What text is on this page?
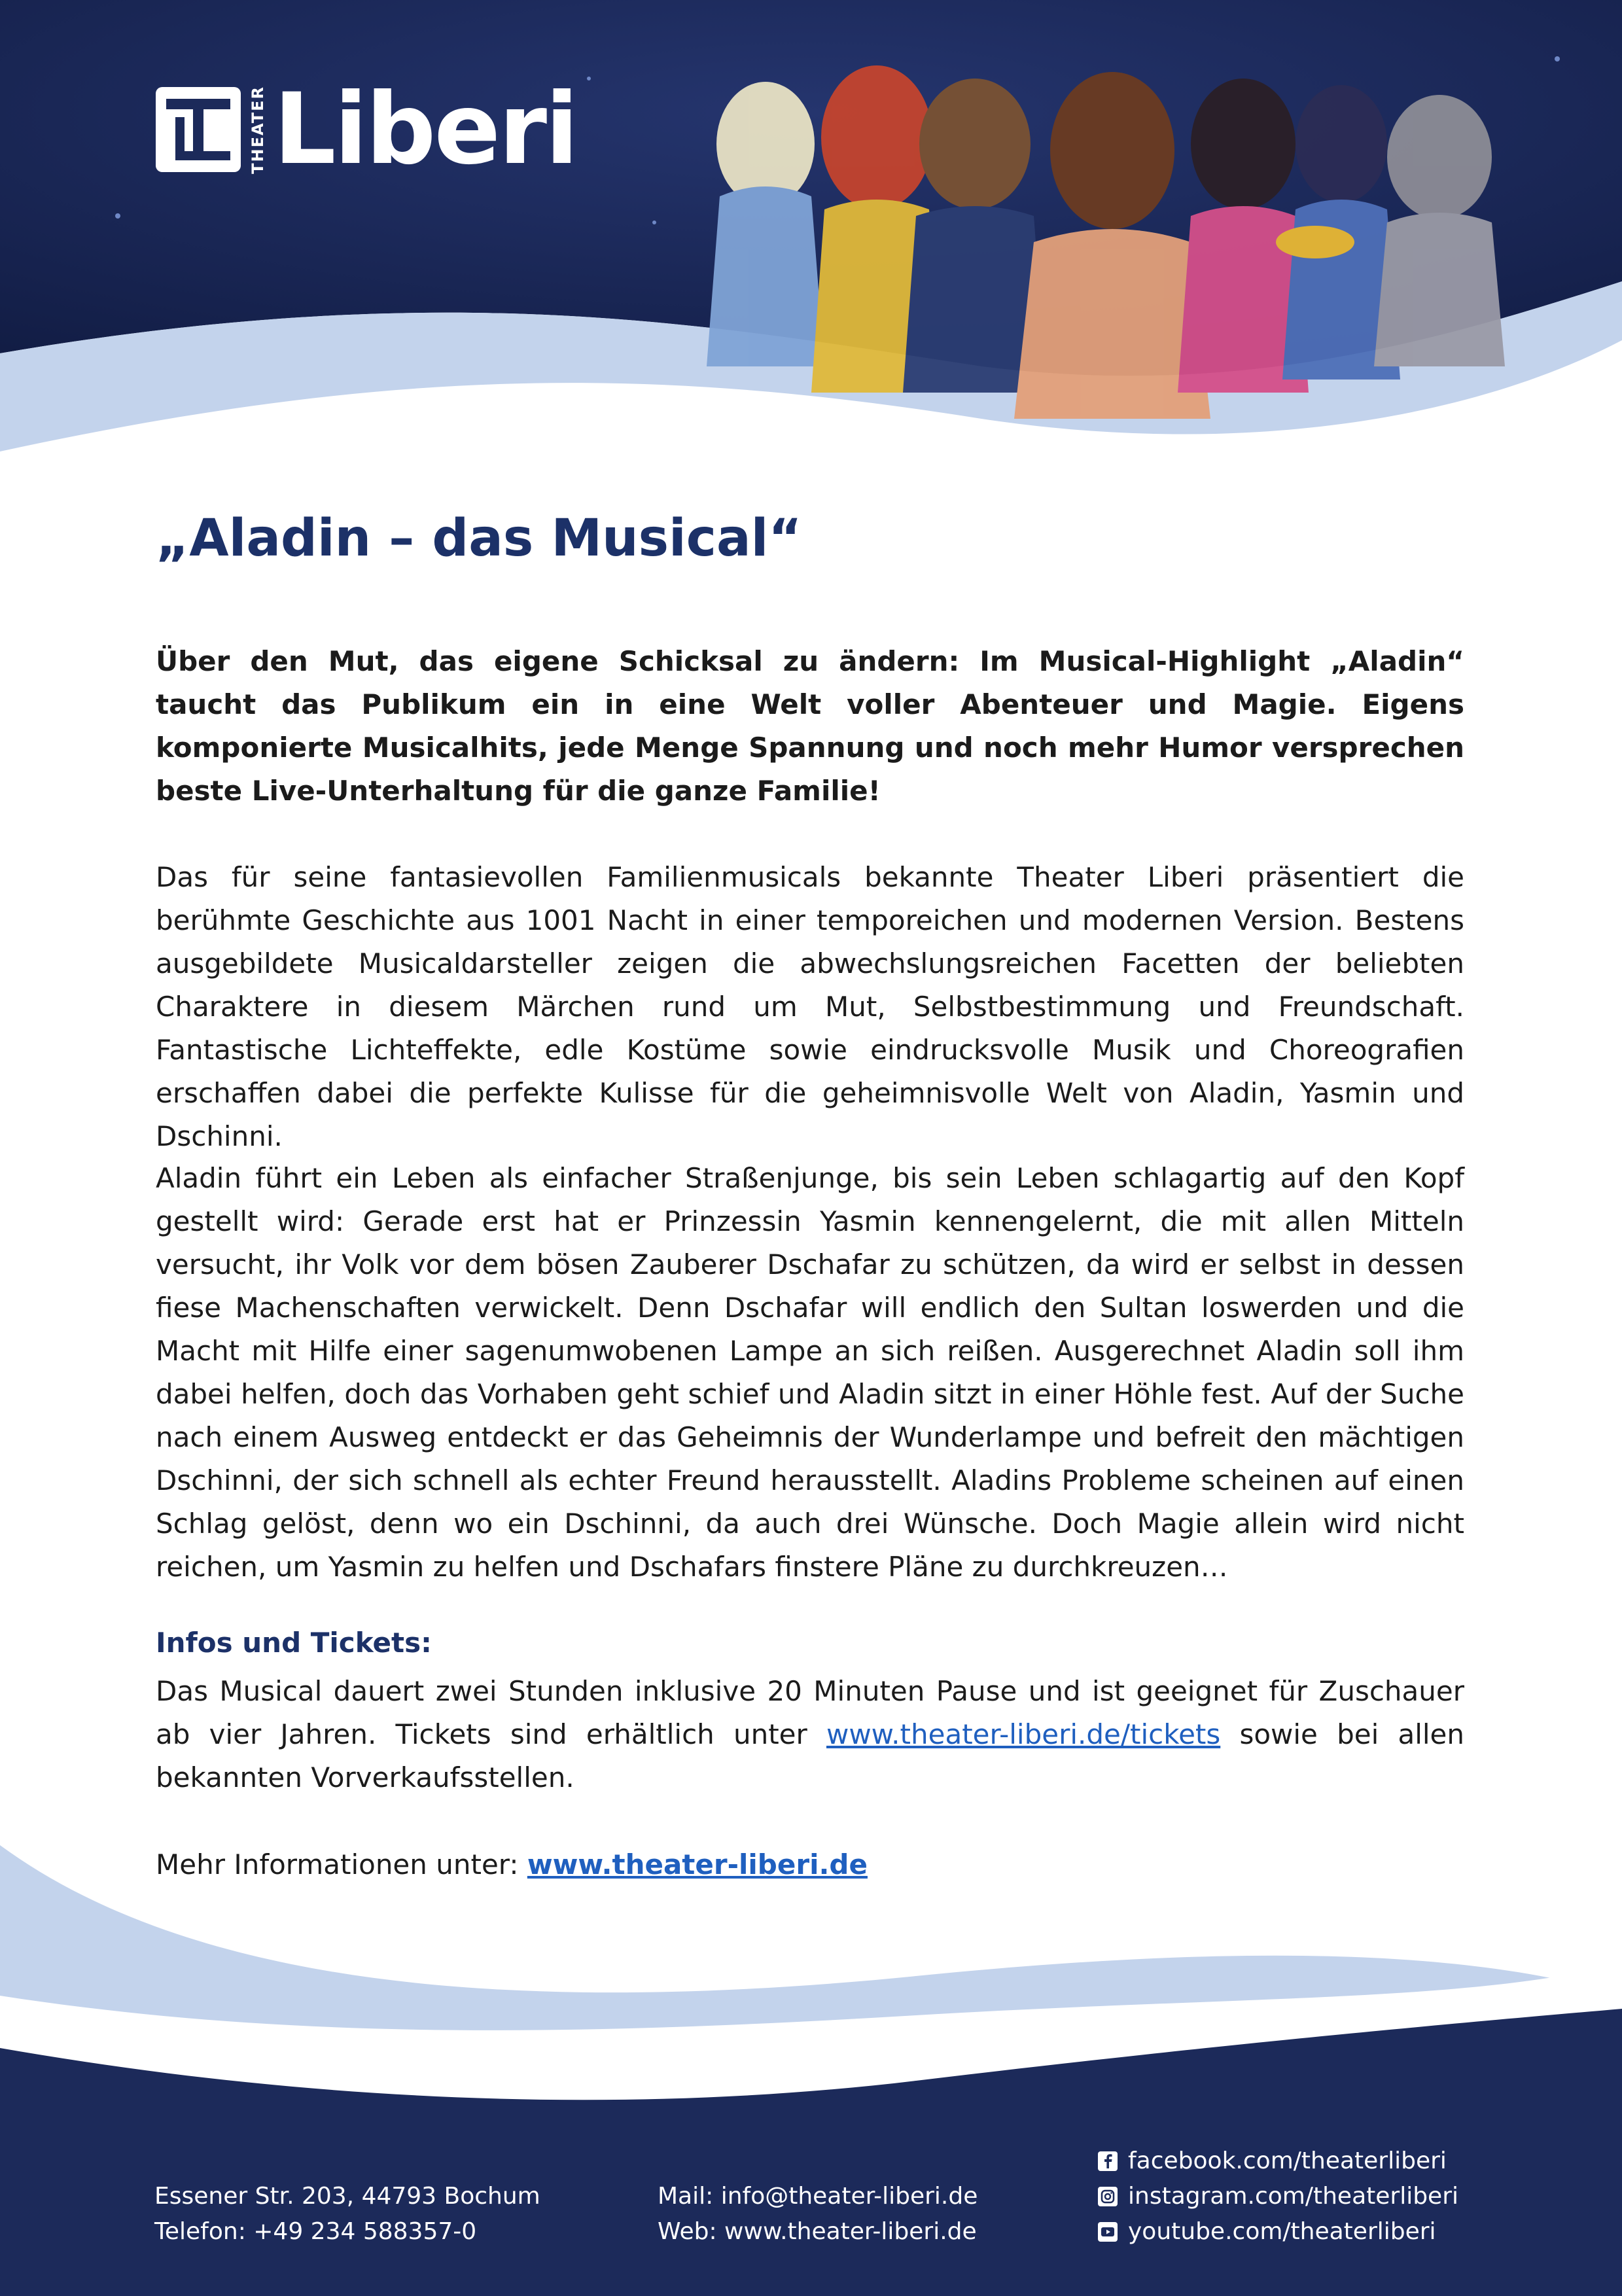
THEATER Liberi
„Aladin – das Musical“

Über den Mut, das eigene Schicksal zu ändern: Im Musical-Highlight „Aladin“ taucht das Publikum ein in eine Welt voller Abenteuer und Magie. Eigens komponierte Musicalhits, jede Menge Spannung und noch mehr Humor versprechen beste Live-Unterhaltung für die ganze Familie!

Das für seine fantasievollen Familienmusicals bekannte Theater Liberi präsentiert die berühmte Geschichte aus 1001 Nacht in einer temporeichen und modernen Version. Bestens ausgebildete Musicaldarsteller zeigen die abwechslungsreichen Facetten der beliebten Charaktere in diesem Märchen rund um Mut, Selbstbestimmung und Freundschaft. Fantastische Lichteffekte, edle Kostüme sowie eindrucksvolle Musik und Choreografien erschaffen dabei die perfekte Kulisse für die geheimnisvolle Welt von Aladin, Yasmin und Dschinni.

Aladin führt ein Leben als einfacher Straßenjunge, bis sein Leben schlagartig auf den Kopf gestellt wird: Gerade erst hat er Prinzessin Yasmin kennengelernt, die mit allen Mitteln versucht, ihr Volk vor dem bösen Zauberer Dschafar zu schützen, da wird er selbst in dessen fiese Machenschaften verwickelt. Denn Dschafar will endlich den Sultan loswerden und die Macht mit Hilfe einer sagenumwobenen Lampe an sich reißen. Ausgerechnet Aladin soll ihm dabei helfen, doch das Vorhaben geht schief und Aladin sitzt in einer Höhle fest. Auf der Suche nach einem Ausweg entdeckt er das Geheimnis der Wunderlampe und befreit den mächtigen Dschinni, der sich schnell als echter Freund herausstellt. Aladins Probleme scheinen auf einen Schlag gelöst, denn wo ein Dschinni, da auch drei Wünsche. Doch Magie allein wird nicht reichen, um Yasmin zu helfen und Dschafars finstere Pläne zu durchkreuzen…

Infos und Tickets:

Das Musical dauert zwei Stunden inklusive 20 Minuten Pause und ist geeignet für Zuschauer ab vier Jahren. Tickets sind erhältlich unter www.theater-liberi.de/tickets sowie bei allen bekannten Vorverkaufsstellen.

Mehr Informationen unter: www.theater-liberi.de

Essener Str. 203, 44793 Bochum
Telefon: +49 234 588357-0
Mail: info@theater-liberi.de
Web: www.theater-liberi.de
facebook.com/theaterliberi
instagram.com/theaterliberi
youtube.com/theaterliberi
